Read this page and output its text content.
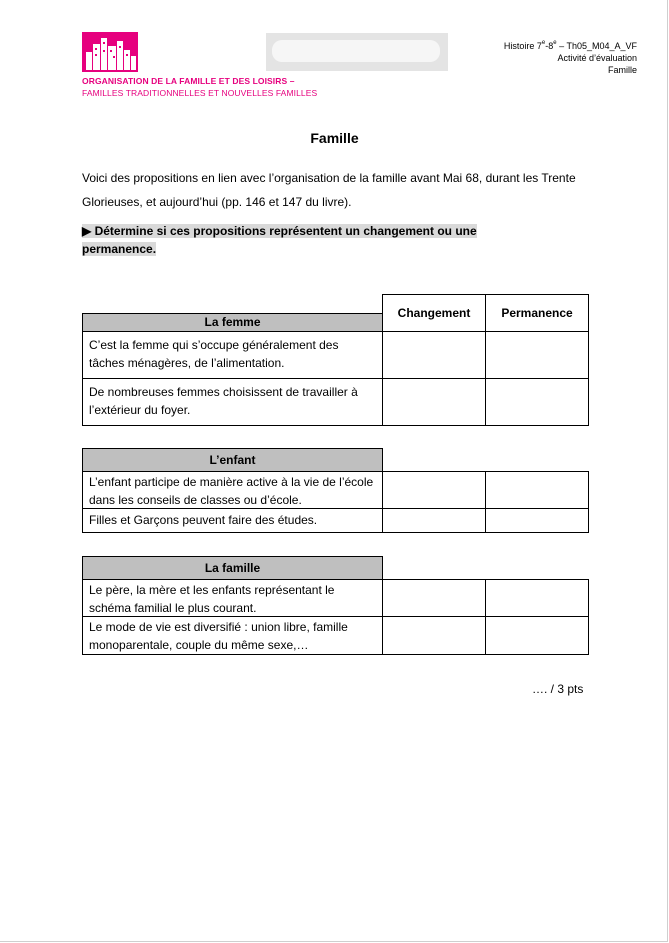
ORGANISATION DE LA FAMILLE ET DES LOISIRS –
FAMILLES TRADITIONNELLES ET NOUVELLES FAMILLES
Histoire 7e-8e – Th05_M04_A_VF
Activité d’évaluation
Famille
Famille
Voici des propositions en lien avec l’organisation de la famille avant Mai 68, durant les Trente Glorieuses, et aujourd’hui (pp. 146 et 147 du livre).
▶ Détermine si ces propositions représentent un changement ou une permanence.
Changement	Permanence
La femme
C’est la femme qui s’occupe généralement des tâches ménagères, de l’alimentation.
De nombreuses femmes choisissent de travailler à l’extérieur du foyer.
L’enfant
L’enfant participe de manière active à la vie de l’école dans les conseils de classes ou d’école.
Filles et Garçons peuvent faire des études.
La famille
Le père, la mère et les enfants représentant le schéma familial le plus courant.
Le mode de vie est diversifié : union libre, famille monoparentale, couple du même sexe,…
…. / 3 pts
